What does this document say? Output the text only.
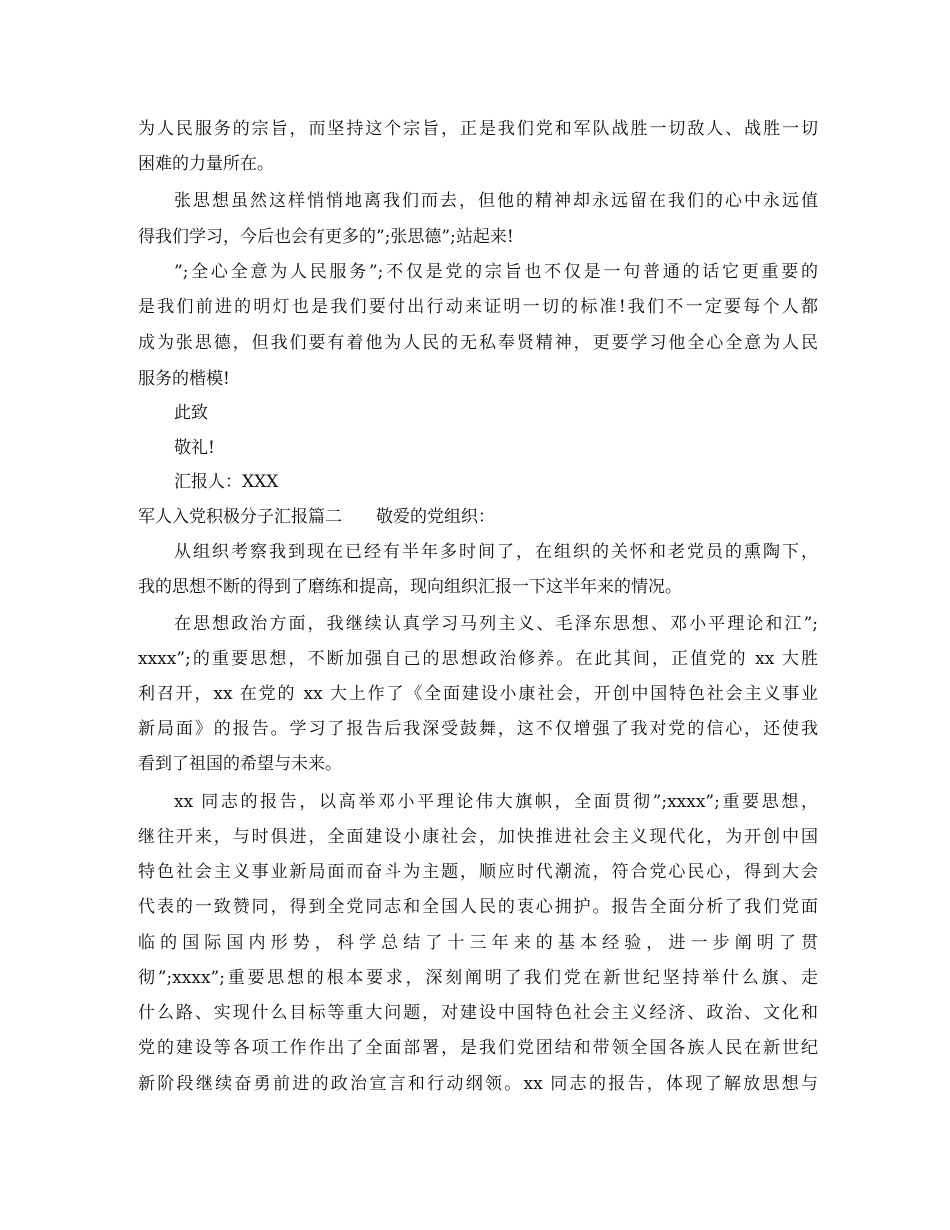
为人民服务的宗旨，而坚持这个宗旨，正是我们党和军队战胜一切敌人、战胜一切
困难的力量所在。
张思想虽然这样悄悄地离我们而去，但他的精神却永远留在我们的心中永远值
得我们学习，今后也会有更多的”;张思德”;站起来!
”;全心全意为人民服务”;不仅是党的宗旨也不仅是一句普通的话它更重要的
是我们前进的明灯也是我们要付出行动来证明一切的标准!我们不一定要每个人都
成为张思德，但我们要有着他为人民的无私奉贤精神，更要学习他全心全意为人民
服务的楷模!
此致
敬礼!
汇报人：XXX
军人入党积极分子汇报篇二　　敬爱的党组织：
从组织考察我到现在已经有半年多时间了，在组织的关怀和老党员的熏陶下，
我的思想不断的得到了磨练和提高，现向组织汇报一下这半年来的情况。
在思想政治方面，我继续认真学习马列主义、毛泽东思想、邓小平理论和江”;
xxxx”;的重要思想，不断加强自己的思想政治修养。在此其间，正值党的 xx 大胜
利召开，xx 在党的 xx 大上作了《全面建设小康社会，开创中国特色社会主义事业
新局面》的报告。学习了报告后我深受鼓舞，这不仅增强了我对党的信心，还使我
看到了祖国的希望与未来。
xx 同志的报告，以高举邓小平理论伟大旗帜，全面贯彻”;xxxx”;重要思想，
继往开来，与时俱进，全面建设小康社会，加快推进社会主义现代化，为开创中国
特色社会主义事业新局面而奋斗为主题，顺应时代潮流，符合党心民心，得到大会
代表的一致赞同，得到全党同志和全国人民的衷心拥护。报告全面分析了我们党面
临的国际国内形势，科学总结了十三年来的基本经验，进一步阐明了贯
彻”;xxxx”;重要思想的根本要求，深刻阐明了我们党在新世纪坚持举什么旗、走
什么路、实现什么目标等重大问题，对建设中国特色社会主义经济、政治、文化和
党的建设等各项工作作出了全面部署，是我们党团结和带领全国各族人民在新世纪
新阶段继续奋勇前进的政治宣言和行动纲领。xx 同志的报告，体现了解放思想与
